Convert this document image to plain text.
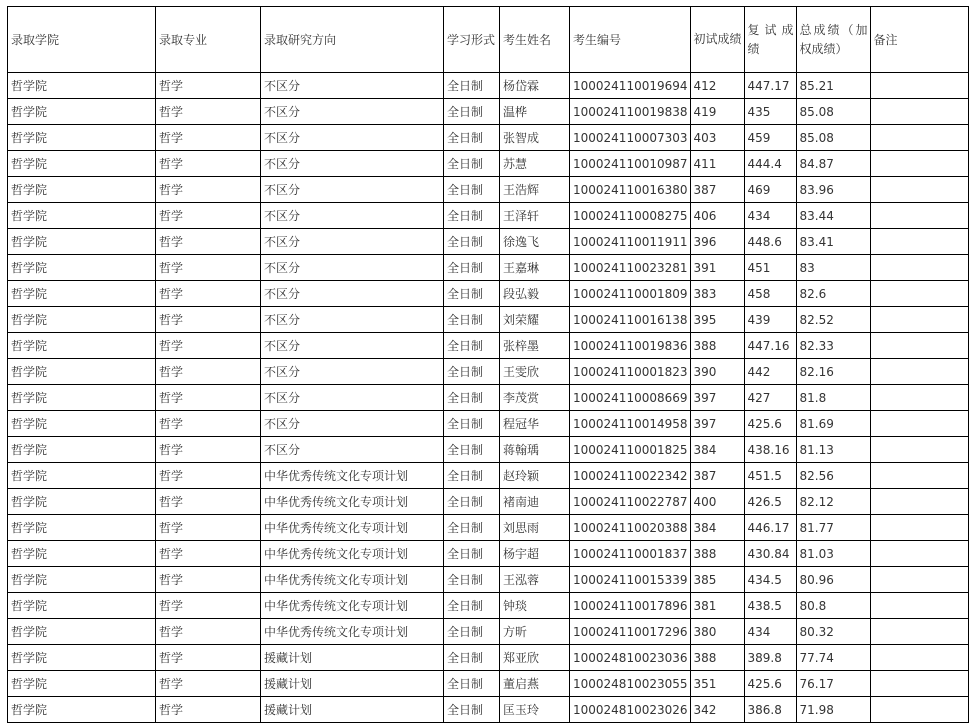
录取学院	录取专业	录取研究方向	学习形式	考生姓名	考生编号	初试成绩	复试成绩	总成绩（加权成绩）	备注
哲学院	哲学	不区分	全日制	杨岱霖	100024110019694	412	447.17	85.21	
哲学院	哲学	不区分	全日制	温桦	100024110019838	419	435	85.08	
哲学院	哲学	不区分	全日制	张智成	100024110007303	403	459	85.08	
哲学院	哲学	不区分	全日制	苏慧	100024110010987	411	444.4	84.87	
哲学院	哲学	不区分	全日制	王浩辉	100024110016380	387	469	83.96	
哲学院	哲学	不区分	全日制	王泽轩	100024110008275	406	434	83.44	
哲学院	哲学	不区分	全日制	徐逸飞	100024110011911	396	448.6	83.41	
哲学院	哲学	不区分	全日制	王嘉琳	100024110023281	391	451	83	
哲学院	哲学	不区分	全日制	段弘毅	100024110001809	383	458	82.6	
哲学院	哲学	不区分	全日制	刘荣耀	100024110016138	395	439	82.52	
哲学院	哲学	不区分	全日制	张梓墨	100024110019836	388	447.16	82.33	
哲学院	哲学	不区分	全日制	王雯欣	100024110001823	390	442	82.16	
哲学院	哲学	不区分	全日制	李茂赏	100024110008669	397	427	81.8	
哲学院	哲学	不区分	全日制	程冠华	100024110014958	397	425.6	81.69	
哲学院	哲学	不区分	全日制	蒋翰瑀	100024110001825	384	438.16	81.13	
哲学院	哲学	中华优秀传统文化专项计划	全日制	赵玲颖	100024110022342	387	451.5	82.56	
哲学院	哲学	中华优秀传统文化专项计划	全日制	褚南迪	100024110022787	400	426.5	82.12	
哲学院	哲学	中华优秀传统文化专项计划	全日制	刘思雨	100024110020388	384	446.17	81.77	
哲学院	哲学	中华优秀传统文化专项计划	全日制	杨宇超	100024110001837	388	430.84	81.03	
哲学院	哲学	中华优秀传统文化专项计划	全日制	王泓蓉	100024110015339	385	434.5	80.96	
哲学院	哲学	中华优秀传统文化专项计划	全日制	钟琰	100024110017896	381	438.5	80.8	
哲学院	哲学	中华优秀传统文化专项计划	全日制	方昕	100024110017296	380	434	80.32	
哲学院	哲学	援藏计划	全日制	郑亚欣	100024810023036	388	389.8	77.74	
哲学院	哲学	援藏计划	全日制	董启燕	100024810023055	351	425.6	76.17	
哲学院	哲学	援藏计划	全日制	匡玉玲	100024810023026	342	386.8	71.98	
